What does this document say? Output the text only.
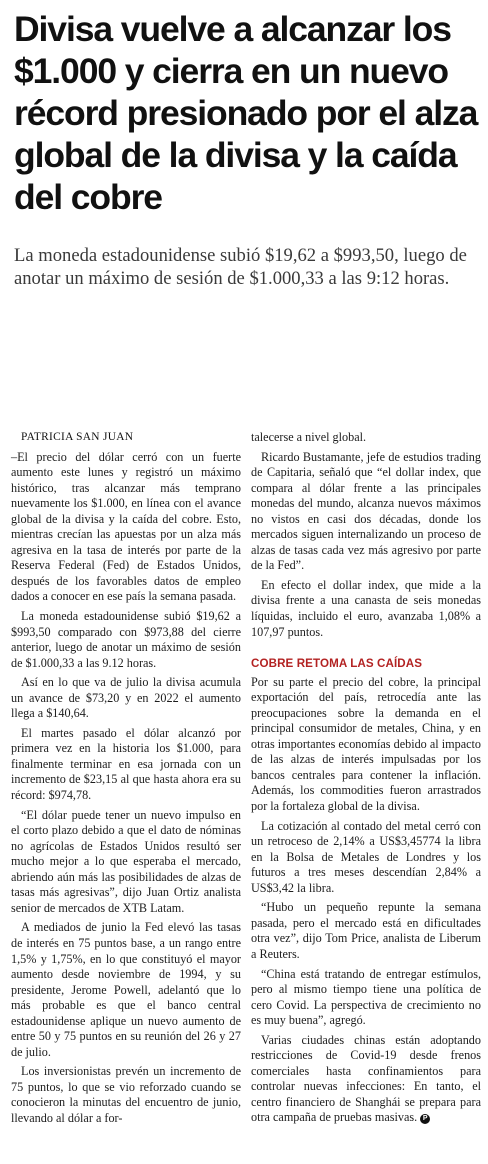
Divisa vuelve a alcanzar los $1.000 y cierra en un nuevo récord presionado por el alza global de la divisa y la caída del cobre

La moneda estadounidense subió $19,62 a $993,50, luego de anotar un máximo de sesión de $1.000,33 a las 9:12 horas.

PATRICIA SAN JUAN

–El precio del dólar cerró con un fuerte aumento este lunes y registró un máximo histórico, tras alcanzar más temprano nuevamente los $1.000, en línea con el avance global de la divisa y la caída del cobre. Esto, mientras crecían las apuestas por un alza más agresiva en la tasa de interés por parte de la Reserva Federal (Fed) de Estados Unidos, después de los favorables datos de empleo dados a conocer en ese país la semana pasada.

La moneda estadounidense subió $19,62 a $993,50 comparado con $973,88 del cierre anterior, luego de anotar un máximo de sesión de $1.000,33 a las 9.12 horas.

Así en lo que va de julio la divisa acumula un avance de $73,20 y en 2022 el aumento llega a $140,64.

El martes pasado el dólar alcanzó por primera vez en la historia los $1.000, para finalmente terminar en esa jornada con un incremento de $23,15 al que hasta ahora era su récord: $974,78.

“El dólar puede tener un nuevo impulso en el corto plazo debido a que el dato de nóminas no agrícolas de Estados Unidos resultó ser mucho mejor a lo que esperaba el mercado, abriendo aún más las posibilidades de alzas de tasas más agresivas”, dijo Juan Ortiz analista senior de mercados de XTB Latam.

A mediados de junio la Fed elevó las tasas de interés en 75 puntos base, a un rango entre 1,5% y 1,75%, en lo que constituyó el mayor aumento desde noviembre de 1994, y su presidente, Jerome Powell, adelantó que lo más probable es que el banco central estadounidense aplique un nuevo aumento de entre 50 y 75 puntos en su reunión del 26 y 27 de julio.

Los inversionistas prevén un incremento de 75 puntos, lo que se vio reforzado cuando se conocieron la minutas del encuentro de junio, llevando al dólar a for-

talecerse a nivel global.

Ricardo Bustamante, jefe de estudios trading de Capitaria, señaló que “el dollar index, que compara al dólar frente a las principales monedas del mundo, alcanza nuevos máximos no vistos en casi dos décadas, donde los mercados siguen internalizando un proceso de alzas de tasas cada vez más agresivo por parte de la Fed”.

En efecto el dollar index, que mide a la divisa frente a una canasta de seis monedas líquidas, incluido el euro, avanzaba 1,08% a 107,97 puntos.

COBRE RETOMA LAS CAÍDAS

Por su parte el precio del cobre, la principal exportación del país, retrocedía ante las preocupaciones sobre la demanda en el principal consumidor de metales, China, y en otras importantes economías debido al impacto de las alzas de interés impulsadas por los bancos centrales para contener la inflación. Además, los commodities fueron arrastrados por la fortaleza global de la divisa.

La cotización al contado del metal cerró con un retroceso de 2,14% a US$3,45774 la libra en la Bolsa de Metales de Londres y los futuros a tres meses descendían 2,84% a US$3,42 la libra.

“Hubo un pequeño repunte la semana pasada, pero el mercado está en dificultades otra vez”, dijo Tom Price, analista de Liberum a Reuters.

“China está tratando de entregar estímulos, pero al mismo tiempo tiene una política de cero Covid. La perspectiva de crecimiento no es muy buena”, agregó.

Varias ciudades chinas están adoptando restricciones de Covid-19 desde frenos comerciales hasta confinamientos para controlar nuevas infecciones: En tanto, el centro financiero de Shanghái se prepara para otra campaña de pruebas masivas. P
